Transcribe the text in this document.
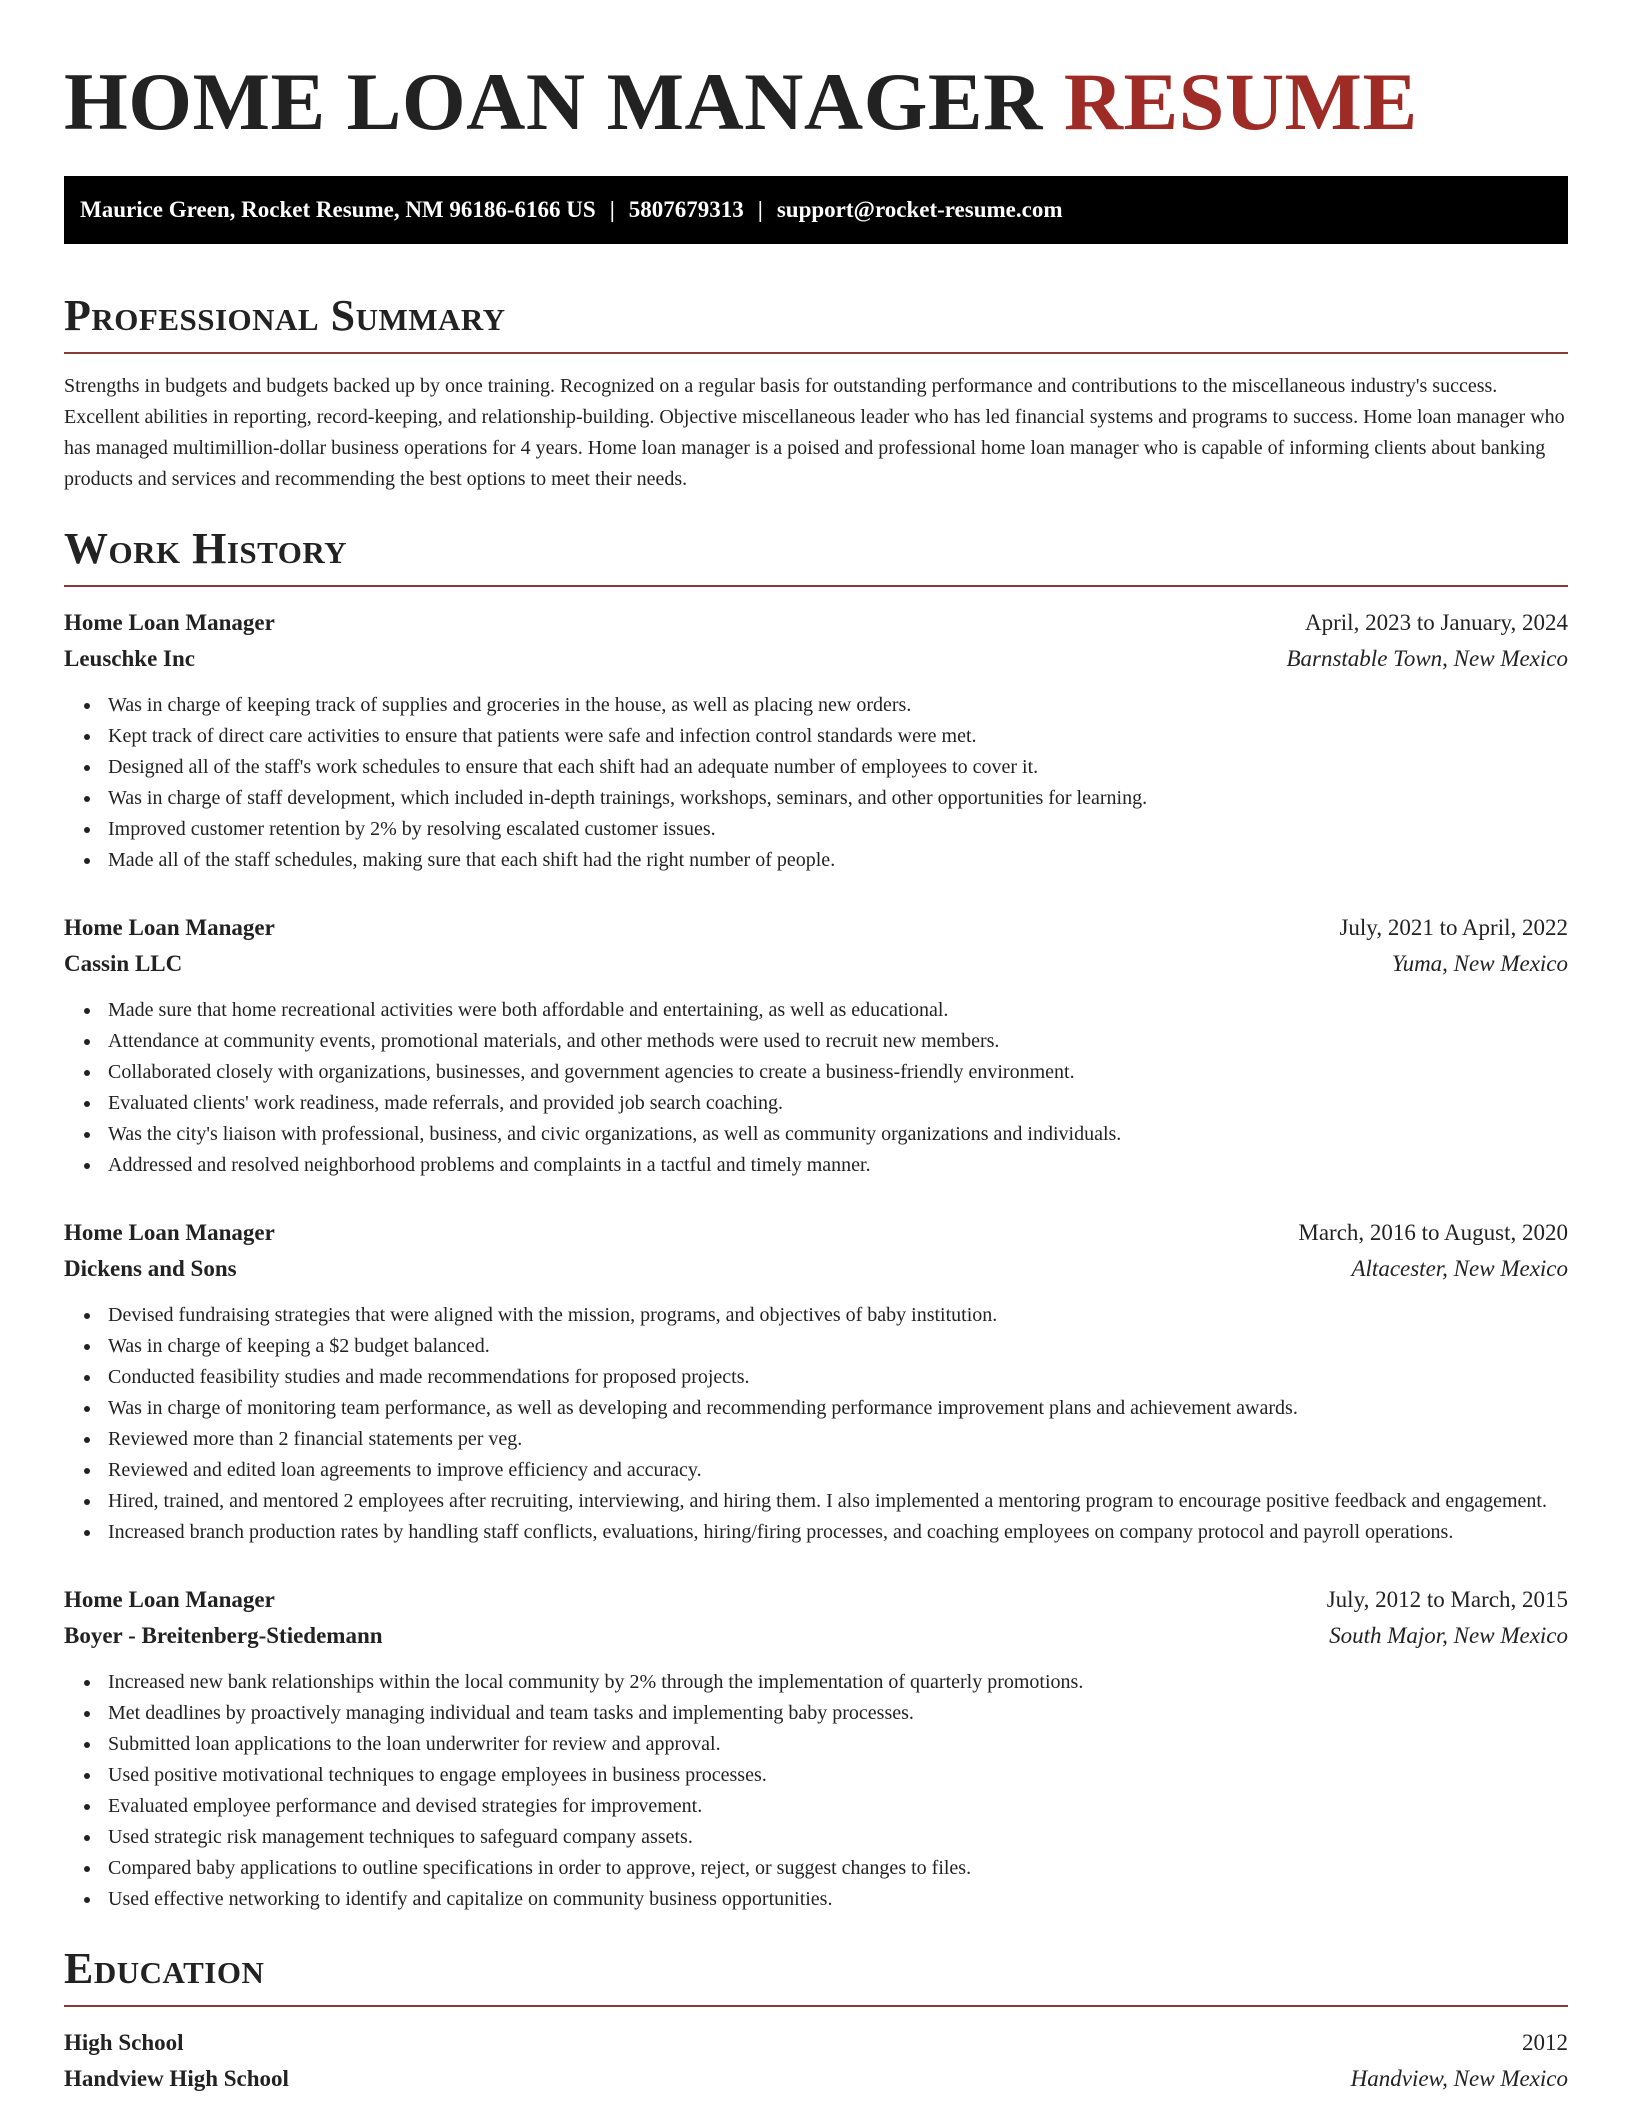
HOME LOAN MANAGER RESUME
Maurice Green, Rocket Resume, NM 96186-6166 US | 5807679313 | support@rocket-resume.com
Professional Summary

Strengths in budgets and budgets backed up by once training. Recognized on a regular basis for outstanding performance and contributions to the miscellaneous industry's success. Excellent abilities in reporting, record-keeping, and relationship-building. Objective miscellaneous leader who has led financial systems and programs to success. Home loan manager who has managed multimillion-dollar business operations for 4 years. Home loan manager is a poised and professional home loan manager who is capable of informing clients about banking products and services and recommending the best options to meet their needs.

Work History
Home Loan Manager	April, 2023 to January, 2024
Leuschke Inc	Barnstable Town, New Mexico
Was in charge of keeping track of supplies and groceries in the house, as well as placing new orders.
Kept track of direct care activities to ensure that patients were safe and infection control standards were met.
Designed all of the staff's work schedules to ensure that each shift had an adequate number of employees to cover it.
Was in charge of staff development, which included in-depth trainings, workshops, seminars, and other opportunities for learning.
Improved customer retention by 2% by resolving escalated customer issues.
Made all of the staff schedules, making sure that each shift had the right number of people.
Home Loan Manager	July, 2021 to April, 2022
Cassin LLC	Yuma, New Mexico
Made sure that home recreational activities were both affordable and entertaining, as well as educational.
Attendance at community events, promotional materials, and other methods were used to recruit new members.
Collaborated closely with organizations, businesses, and government agencies to create a business-friendly environment.
Evaluated clients' work readiness, made referrals, and provided job search coaching.
Was the city's liaison with professional, business, and civic organizations, as well as community organizations and individuals.
Addressed and resolved neighborhood problems and complaints in a tactful and timely manner.
Home Loan Manager	March, 2016 to August, 2020
Dickens and Sons	Altacester, New Mexico
Devised fundraising strategies that were aligned with the mission, programs, and objectives of baby institution.
Was in charge of keeping a $2 budget balanced.
Conducted feasibility studies and made recommendations for proposed projects.
Was in charge of monitoring team performance, as well as developing and recommending performance improvement plans and achievement awards.
Reviewed more than 2 financial statements per veg.
Reviewed and edited loan agreements to improve efficiency and accuracy.
Hired, trained, and mentored 2 employees after recruiting, interviewing, and hiring them. I also implemented a mentoring program to encourage positive feedback and engagement.
Increased branch production rates by handling staff conflicts, evaluations, hiring/firing processes, and coaching employees on company protocol and payroll operations.
Home Loan Manager	July, 2012 to March, 2015
Boyer - Breitenberg-Stiedemann	South Major, New Mexico
Increased new bank relationships within the local community by 2% through the implementation of quarterly promotions.
Met deadlines by proactively managing individual and team tasks and implementing baby processes.
Submitted loan applications to the loan underwriter for review and approval.
Used positive motivational techniques to engage employees in business processes.
Evaluated employee performance and devised strategies for improvement.
Used strategic risk management techniques to safeguard company assets.
Compared baby applications to outline specifications in order to approve, reject, or suggest changes to files.
Used effective networking to identify and capitalize on community business opportunities.
Education
High School	2012
Handview High School	Handview, New Mexico
